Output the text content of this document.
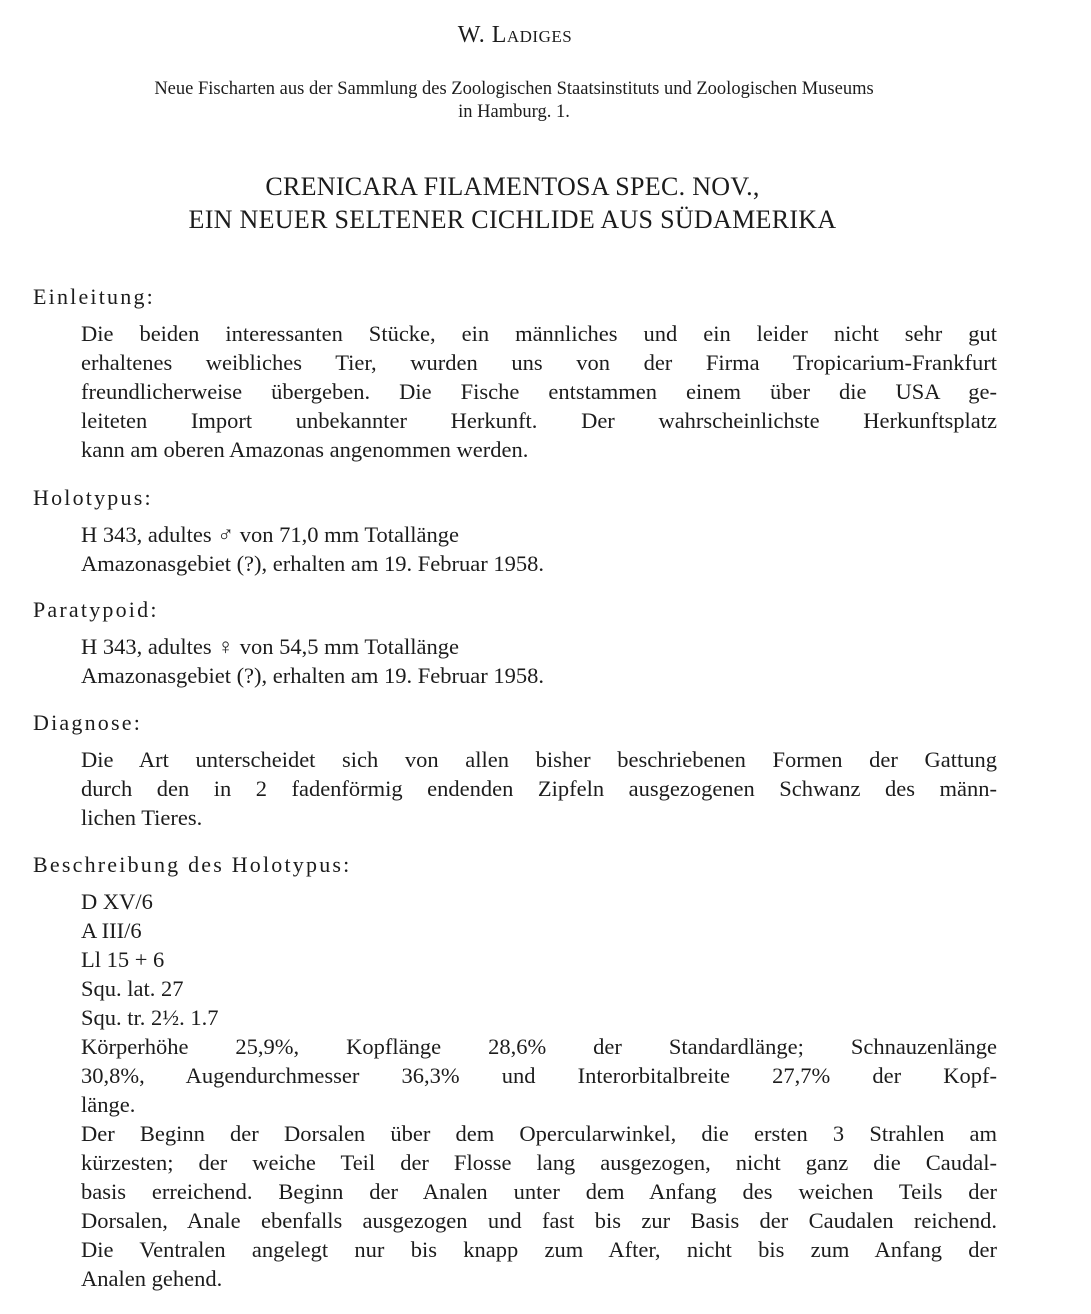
W. Ladiges
Neue Fischarten aus der Sammlung des Zoologischen Staatsinstituts und Zoologischen Museums
in Hamburg. 1.
CRENICARA FILAMENTOSA SPEC. NOV.,
EIN NEUER SELTENER CICHLIDE AUS SÜDAMERIKA
Einleitung:
Die beiden interessanten Stücke, ein männliches und ein leider nicht sehr gut
erhaltenes weibliches Tier, wurden uns von der Firma Tropicarium-Frankfurt
freundlicherweise übergeben. Die Fische entstammen einem über die USA ge-
leiteten Import unbekannter Herkunft. Der wahrscheinlichste Herkunftsplatz
kann am oberen Amazonas angenommen werden.
Holotypus:
H 343, adultes ♂ von 71,0 mm Totallänge
Amazonasgebiet (?), erhalten am 19. Februar 1958.
Paratypoid:
H 343, adultes ♀ von 54,5 mm Totallänge
Amazonasgebiet (?), erhalten am 19. Februar 1958.
Diagnose:
Die Art unterscheidet sich von allen bisher beschriebenen Formen der Gattung
durch den in 2 fadenförmig endenden Zipfeln ausgezogenen Schwanz des männ-
lichen Tieres.
Beschreibung des Holotypus:
D XV/6
A III/6
Ll 15 + 6
Squ. lat. 27
Squ. tr. 2½. 1.7
Körperhöhe 25,9%, Kopflänge 28,6% der Standardlänge; Schnauzenlänge
30,8%, Augendurchmesser 36,3% und Interorbitalbreite 27,7% der Kopf-
länge.
Der Beginn der Dorsalen über dem Opercularwinkel, die ersten 3 Strahlen am
kürzesten; der weiche Teil der Flosse lang ausgezogen, nicht ganz die Caudal-
basis erreichend. Beginn der Analen unter dem Anfang des weichen Teils der
Dorsalen, Anale ebenfalls ausgezogen und fast bis zur Basis der Caudalen reichend.
Die Ventralen angelegt nur bis knapp zum After, nicht bis zum Anfang der
Analen gehend.
